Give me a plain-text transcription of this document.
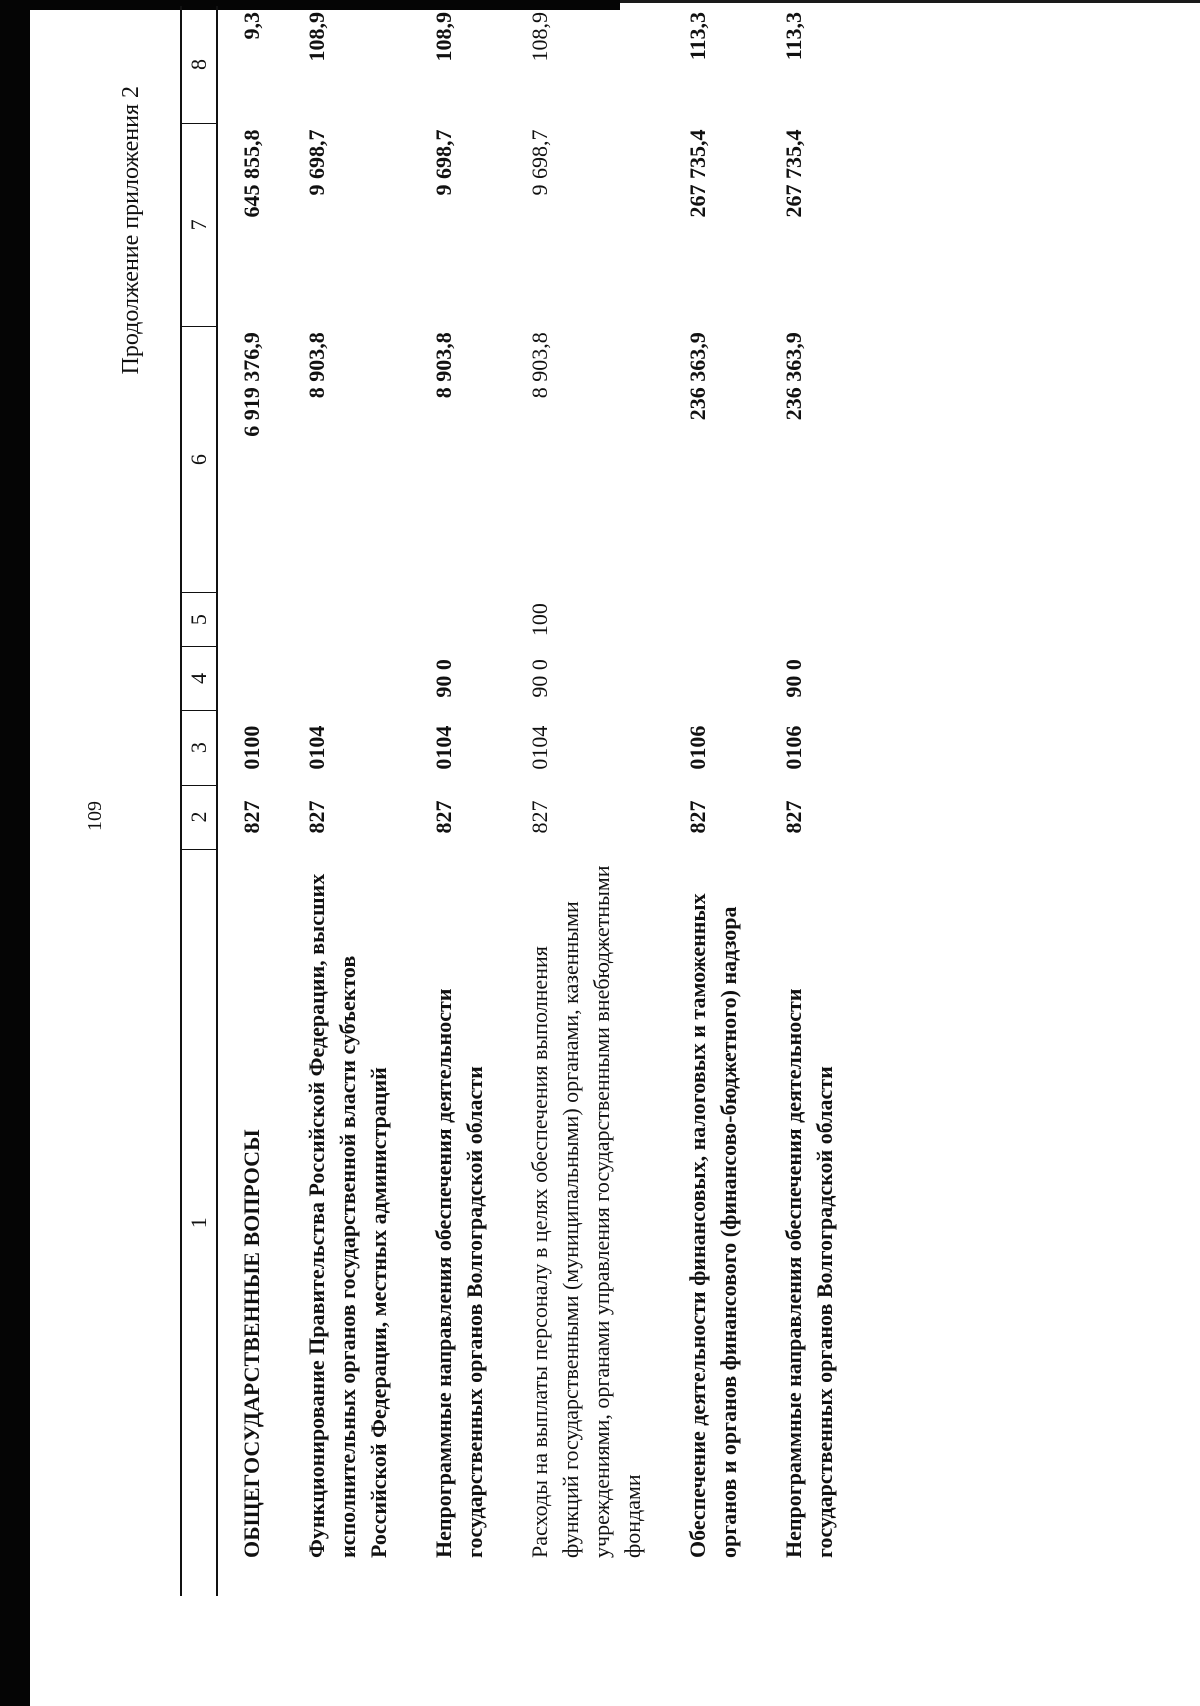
109
Продолжение приложения 2
1	2	3	4	5	6	7	8
ОБЩЕГОСУДАРСТВЕННЫЕ ВОПРОСЫ	827	0100			6 919 376,9	645 855,8	9,3
Функционирование Правительства Российской Федерации, высших исполнительных органов государственной власти субъектов Российской Федерации, местных администраций	827	0104			8 903,8	9 698,7	108,9
Непрограммные направления обеспечения деятельности государственных органов Волгоградской области	827	0104	90 0		8 903,8	9 698,7	108,9
Расходы на выплаты персоналу в целях обеспечения выполнения функций государственными (муниципальными) органами, казенными учреждениями, органами управления государственными внебюджетными фондами	827	0104	90 0	100	8 903,8	9 698,7	108,9
Обеспечение деятельности финансовых, налоговых и таможенных органов и органов финансового (финансово-бюджетного) надзора	827	0106			236 363,9	267 735,4	113,3
Непрограммные направления обеспечения деятельности государственных органов Волгоградской области	827	0106	90 0		236 363,9	267 735,4	113,3
